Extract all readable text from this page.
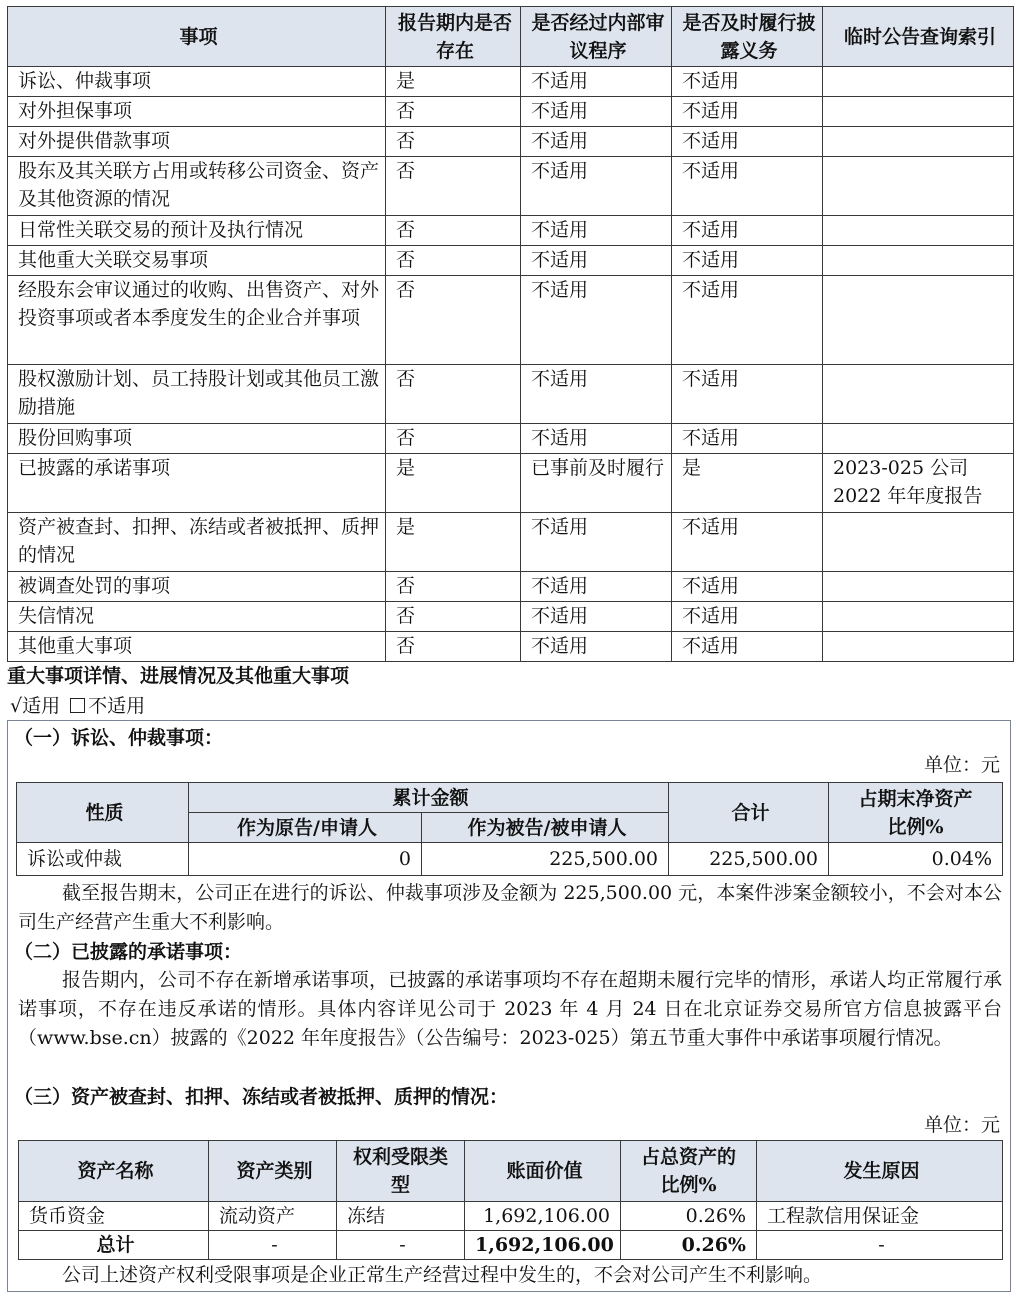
事项	报告期内是否存在	是否经过内部审议程序	是否及时履行披露义务	临时公告查询索引
诉讼、仲裁事项	是	不适用	不适用	
对外担保事项	否	不适用	不适用	
对外提供借款事项	否	不适用	不适用	
股东及其关联方占用或转移公司资金、资产及其他资源的情况	否	不适用	不适用	
日常性关联交易的预计及执行情况	否	不适用	不适用	
其他重大关联交易事项	否	不适用	不适用	
经股东会审议通过的收购、出售资产、对外投资事项或者本季度发生的企业合并事项	否	不适用	不适用	
股权激励计划、员工持股计划或其他员工激励措施	否	不适用	不适用	
股份回购事项	否	不适用	不适用	
已披露的承诺事项	是	已事前及时履行	是	2023-025 公司 2022 年年度报告
资产被查封、扣押、冻结或者被抵押、质押的情况	是	不适用	不适用	
被调查处罚的事项	否	不适用	不适用	
失信情况	否	不适用	不适用	
其他重大事项	否	不适用	不适用	
重大事项详情、进展情况及其他重大事项
√适用 不适用
（一）诉讼、仲裁事项：
单位：元
性质	累计金额		合计	占期末净资产比例%
	作为原告/申请人	作为被告/被申请人		
诉讼或仲裁	0	225,500.00	225,500.00	0.04%
截至报告期末，公司正在进行的诉讼、仲裁事项涉及金额为 225,500.00 元，本案件涉案金额较小，不会对本公司生产经营产生重大不利影响。
（二）已披露的承诺事项：
报告期内，公司不存在新增承诺事项，已披露的承诺事项均不存在超期未履行完毕的情形，承诺人均正常履行承诺事项，不存在违反承诺的情形。具体内容详见公司于 2023 年 4 月 24 日在北京证券交易所官方信息披露平台（www.bse.cn）披露的《2022 年年度报告》（公告编号：2023-025）第五节重大事件中承诺事项履行情况。
（三）资产被查封、扣押、冻结或者被抵押、质押的情况：
单位：元
资产名称	资产类别	权利受限类型	账面价值	占总资产的比例%	发生原因
货币资金	流动资产	冻结	1,692,106.00	0.26%	工程款信用保证金
总计	-	-	1,692,106.00	0.26%	-
公司上述资产权利受限事项是企业正常生产经营过程中发生的，不会对公司产生不利影响。
